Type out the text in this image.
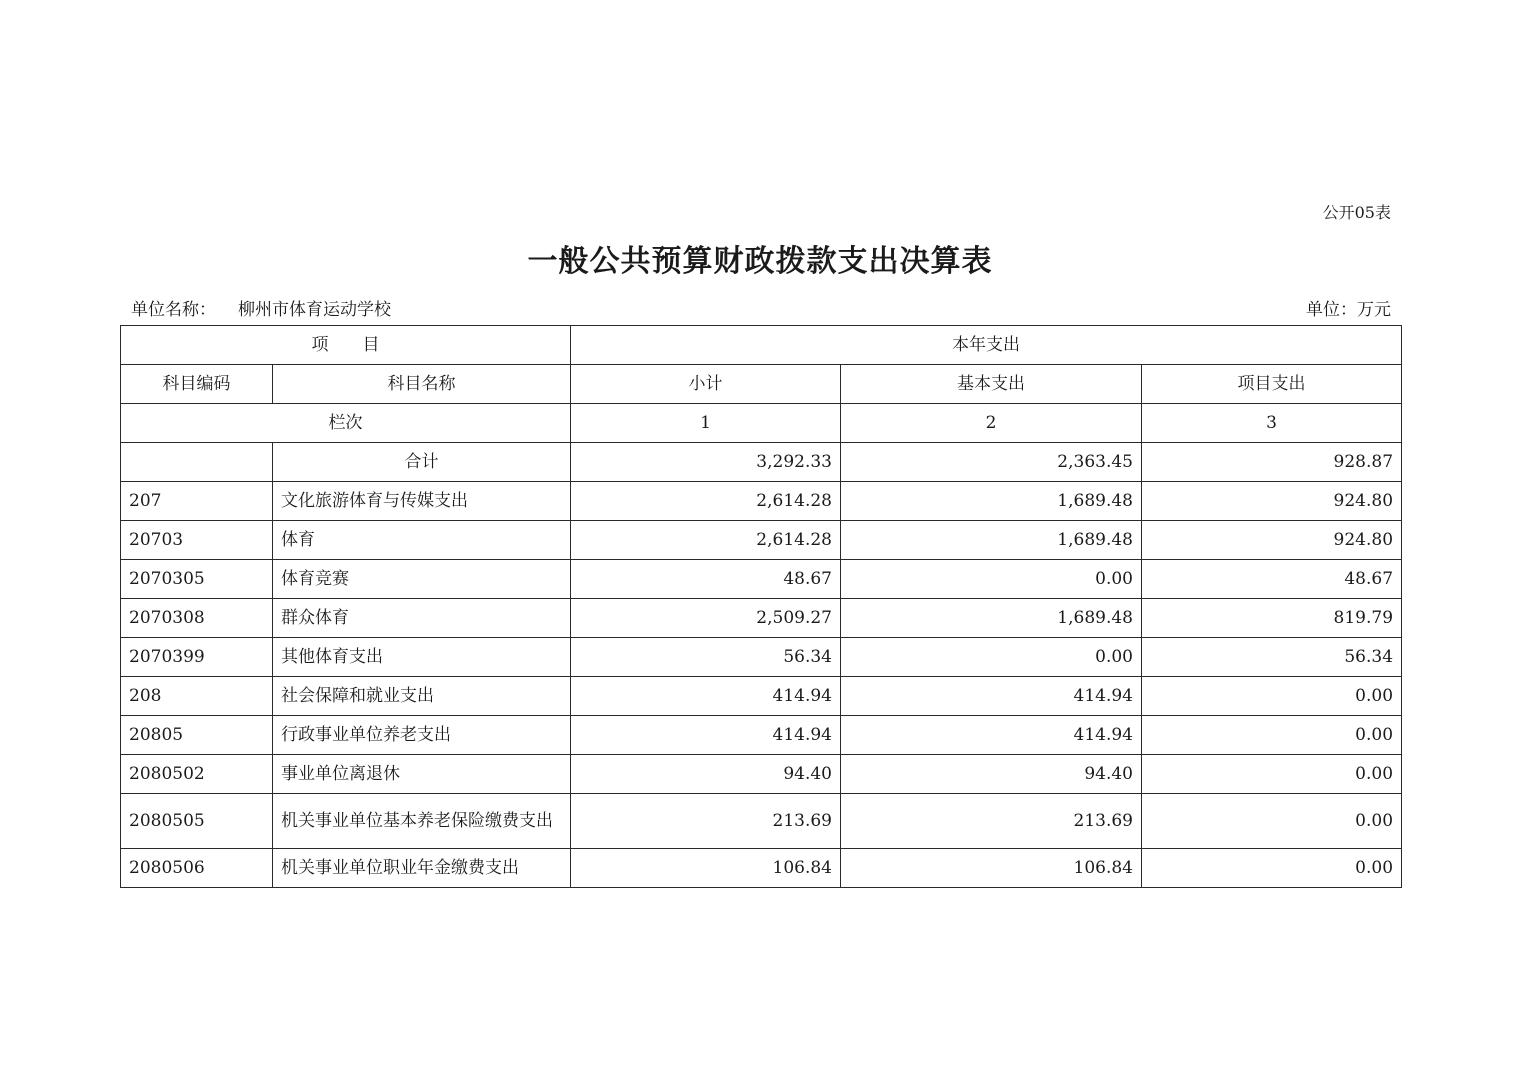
公开05表
一般公共预算财政拨款支出决算表
单位名称： 柳州市体育运动学校	单位：万元
项　　目		本年支出		
科目编码	科目名称	小计	基本支出	项目支出
栏次		1	2	3
	合计	3,292.33	2,363.45	928.87
207	文化旅游体育与传媒支出	2,614.28	1,689.48	924.80
20703	体育	2,614.28	1,689.48	924.80
2070305	体育竞赛	48.67	0.00	48.67
2070308	群众体育	2,509.27	1,689.48	819.79
2070399	其他体育支出	56.34	0.00	56.34
208	社会保障和就业支出	414.94	414.94	0.00
20805	行政事业单位养老支出	414.94	414.94	0.00
2080502	事业单位离退休	94.40	94.40	0.00
2080505	机关事业单位基本养老保险缴费支出	213.69	213.69	0.00
2080506	机关事业单位职业年金缴费支出	106.84	106.84	0.00
